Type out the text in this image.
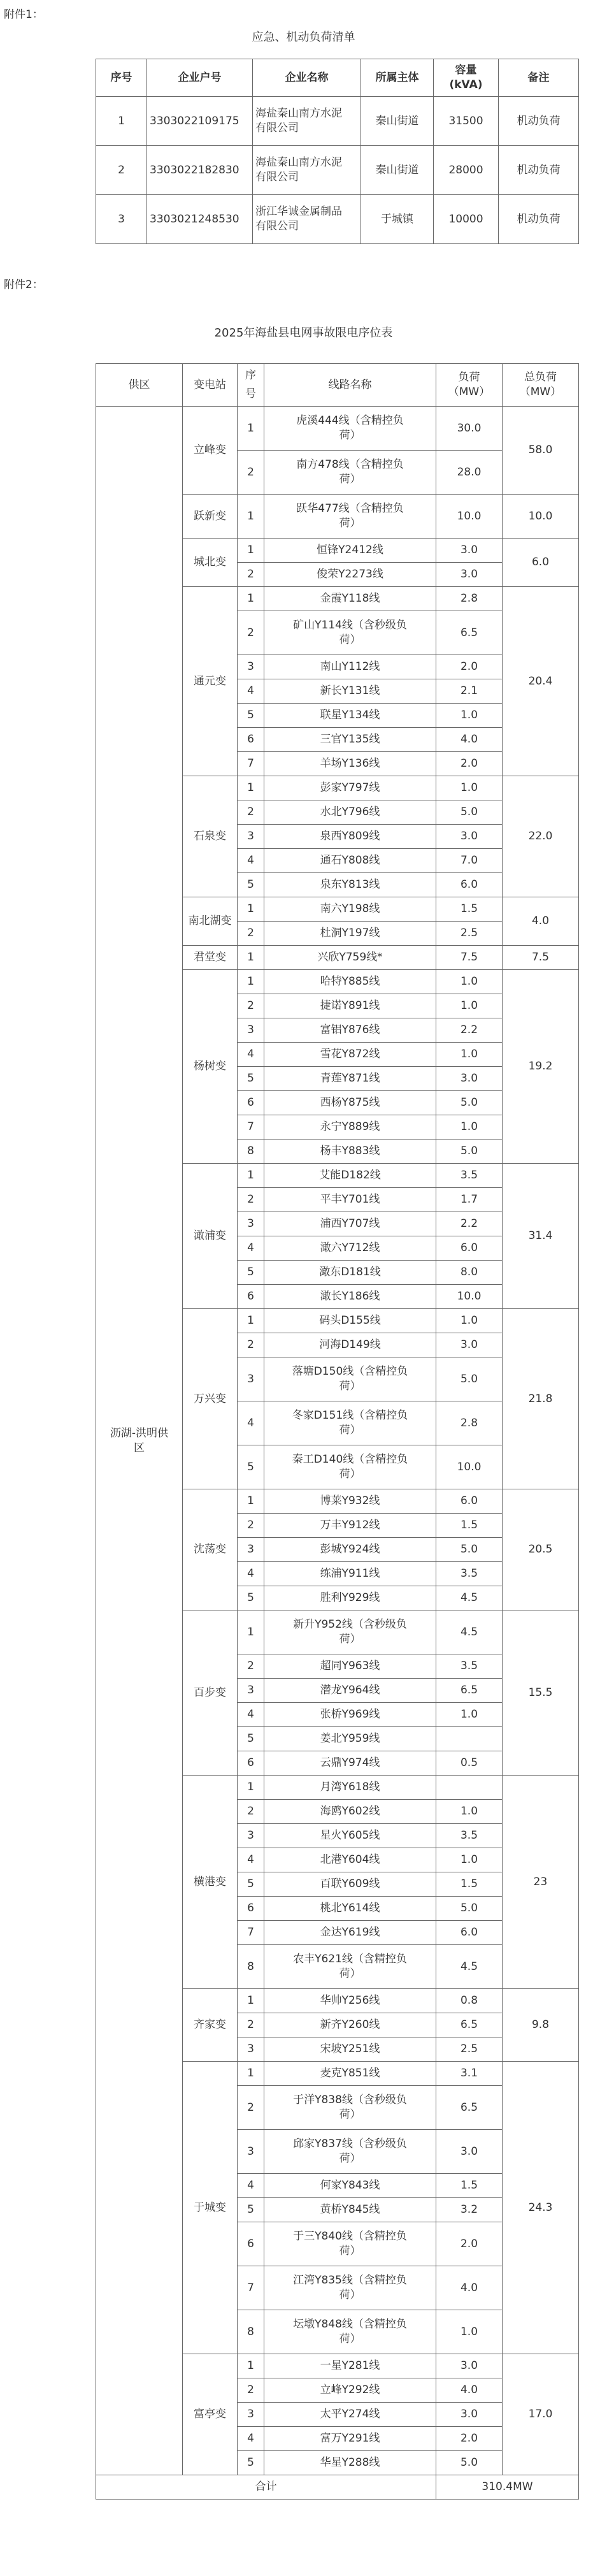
附件1：
应急、机动负荷清单
序号	企业户号	企业名称	所属主体	容量
(kVA)	备注
1	3303022109175	海盐秦山南方水泥
有限公司	秦山街道	31500	机动负荷
2	3303022182830	海盐秦山南方水泥
有限公司	秦山街道	28000	机动负荷
3	3303021248530	浙江华诚金属制品
有限公司	于城镇	10000	机动负荷
附件2：
2025年海盐县电网事故限电序位表
供区	变电站	序号	线路名称	负荷
（MW）	总负荷
（MW）
沥湖-洪明供
区	立峰变	1	虎溪444线（含精控负
荷）	30.0	58.0
		2	南方478线（含精控负
荷）	28.0	
	跃新变	1	跃华477线（含精控负
荷）	10.0	10.0
	城北变	1	恒锋Y2412线	3.0	6.0
		2	俊荣Y2273线	3.0	
	通元变	1	金霞Y118线	2.8	20.4
		2	矿山Y114线（含秒级负
荷）	6.5	
		3	南山Y112线	2.0	
		4	新长Y131线	2.1	
		5	联星Y134线	1.0	
		6	三官Y135线	4.0	
		7	羊场Y136线	2.0	
	石泉变	1	彭家Y797线	1.0	22.0
		2	水北Y796线	5.0	
		3	泉西Y809线	3.0	
		4	通石Y808线	7.0	
		5	泉东Y813线	6.0	
	南北湖变	1	南六Y198线	1.5	4.0
		2	杜洞Y197线	2.5	
	君堂变	1	兴欣Y759线*	7.5	7.5
	杨树变	1	哈特Y885线	1.0	19.2
		2	捷诺Y891线	1.0	
		3	富铝Y876线	2.2	
		4	雪花Y872线	1.0	
		5	青莲Y871线	3.0	
		6	西杨Y875线	5.0	
		7	永宁Y889线	1.0	
		8	杨丰Y883线	5.0	
	澉浦变	1	艾能D182线	3.5	31.4
		2	平丰Y701线	1.7	
		3	浦西Y707线	2.2	
		4	澉六Y712线	6.0	
		5	澉东D181线	8.0	
		6	澉长Y186线	10.0	
	万兴变	1	码头D155线	1.0	21.8
		2	河海D149线	3.0	
		3	落塘D150线（含精控负
荷）	5.0	
		4	冬家D151线（含精控负
荷）	2.8	
		5	秦工D140线（含精控负
荷）	10.0	
	沈荡变	1	博莱Y932线	6.0	20.5
		2	万丰Y912线	1.5	
		3	彭城Y924线	5.0	
		4	练浦Y911线	3.5	
		5	胜利Y929线	4.5	
	百步变	1	新升Y952线（含秒级负
荷）	4.5	15.5
		2	超同Y963线	3.5	
		3	潜龙Y964线	6.5	
		4	张桥Y969线	1.0	
		5	姜北Y959线		
		6	云鼎Y974线	0.5	
	横港变	1	月湾Y618线		23
		2	海鸥Y602线	1.0	
		3	星火Y605线	3.5	
		4	北港Y604线	1.0	
		5	百联Y609线	1.5	
		6	桃北Y614线	5.0	
		7	金达Y619线	6.0	
		8	农丰Y621线（含精控负
荷）	4.5	
	齐家变	1	华帅Y256线	0.8	9.8
		2	新齐Y260线	6.5	
		3	宋坡Y251线	2.5	
	于城变	1	麦克Y851线	3.1	24.3
		2	于洋Y838线（含秒级负
荷）	6.5	
		3	邱家Y837线（含秒级负
荷）	3.0	
		4	何家Y843线	1.5	
		5	黄桥Y845线	3.2	
		6	于三Y840线（含精控负
荷）	2.0	
		7	江湾Y835线（含精控负
荷）	4.0	
		8	坛墩Y848线（含精控负
荷）	1.0	
	富亭变	1	一星Y281线	3.0	17.0
		2	立峰Y292线	4.0	
		3	太平Y274线	3.0	
		4	富万Y291线	2.0	
		5	华星Y288线	5.0	
合计				310.4MW	
